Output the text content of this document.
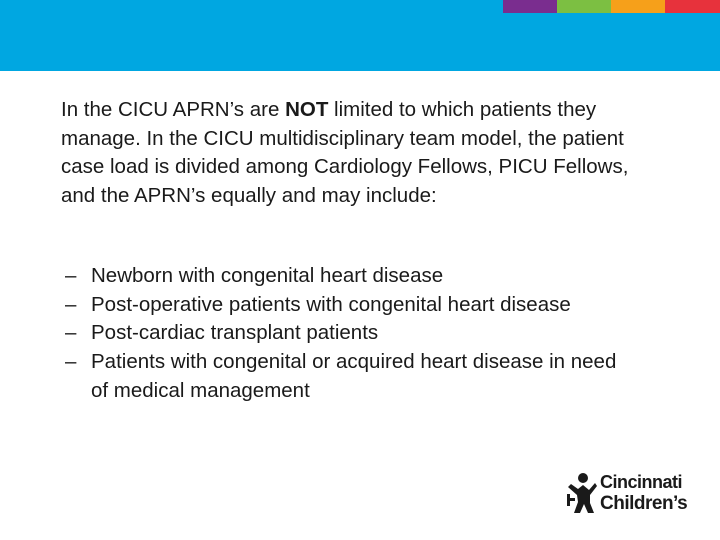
In the CICU APRN’s are NOT limited to which patients they manage. In the CICU multidisciplinary team model, the patient case load is divided among Cardiology Fellows, PICU Fellows, and the APRN’s equally and may include:

– Newborn with congenital heart disease
– Post-operative patients with congenital heart disease
– Post-cardiac transplant patients
– Patients with congenital or acquired heart disease in need of medical management
Cincinnati
Children’s
